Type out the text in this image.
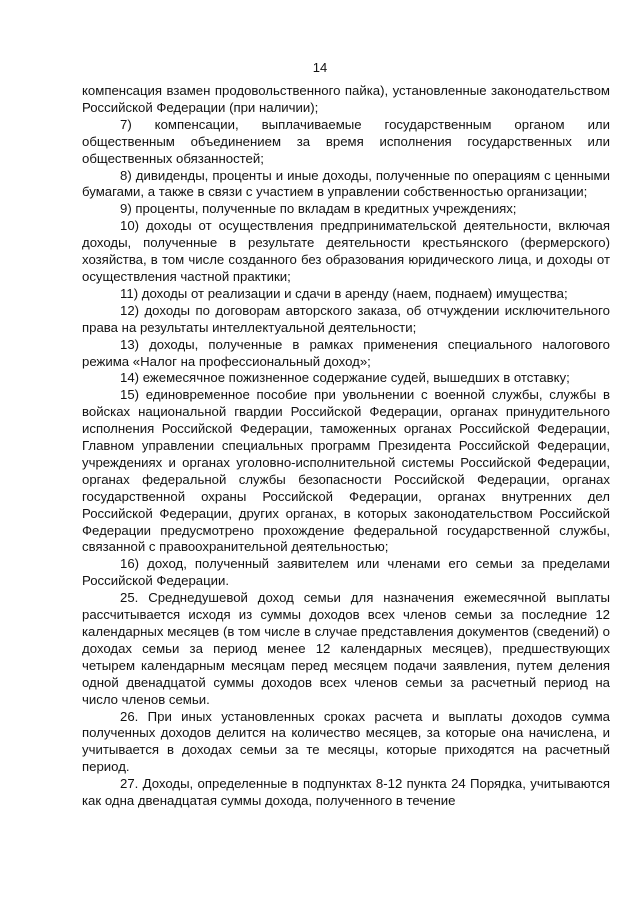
14

компенсация взамен продовольственного пайка), установленные законодательством Российской Федерации (при наличии);

7) компенсации, выплачиваемые государственным органом или общественным объединением за время исполнения государственных или общественных обязанностей;

8) дивиденды, проценты и иные доходы, полученные по операциям с ценными бумагами, а также в связи с участием в управлении собственностью организации;

9) проценты, полученные по вкладам в кредитных учреждениях;

10) доходы от осуществления предпринимательской деятельности, включая доходы, полученные в результате деятельности крестьянского (фермерского) хозяйства, в том числе созданного без образования юридического лица, и доходы от осуществления частной практики;

11) доходы от реализации и сдачи в аренду (наем, поднаем) имущества;

12) доходы по договорам авторского заказа, об отчуждении исключительного права на результаты интеллектуальной деятельности;

13) доходы, полученные в рамках применения специального налогового режима «Налог на профессиональный доход»;

14) ежемесячное пожизненное содержание судей, вышедших в отставку;

15) единовременное пособие при увольнении с военной службы, службы в войсках национальной гвардии Российской Федерации, органах принудительного исполнения Российской Федерации, таможенных органах Российской Федерации, Главном управлении специальных программ Президента Российской Федерации, учреждениях и органах уголовно-исполнительной системы Российской Федерации, органах федеральной службы безопасности Российской Федерации, органах государственной охраны Российской Федерации, органах внутренних дел Российской Федерации, других органах, в которых законодательством Российской Федерации предусмотрено прохождение федеральной государственной службы, связанной с правоохранительной деятельностью;

16) доход, полученный заявителем или членами его семьи за пределами Российской Федерации.

25. Среднедушевой доход семьи для назначения ежемесячной выплаты рассчитывается исходя из суммы доходов всех членов семьи за последние 12 календарных месяцев (в том числе в случае представления документов (сведений) о доходах семьи за период менее 12 календарных месяцев), предшествующих четырем календарным месяцам перед месяцем подачи заявления, путем деления одной двенадцатой суммы доходов всех членов семьи за расчетный период на число членов семьи.

26. При иных установленных сроках расчета и выплаты доходов сумма полученных доходов делится на количество месяцев, за которые она начислена, и учитывается в доходах семьи за те месяцы, которые приходятся на расчетный период.

27. Доходы, определенные в подпунктах 8-12 пункта 24 Порядка, учитываются как одна двенадцатая суммы дохода, полученного в течение
